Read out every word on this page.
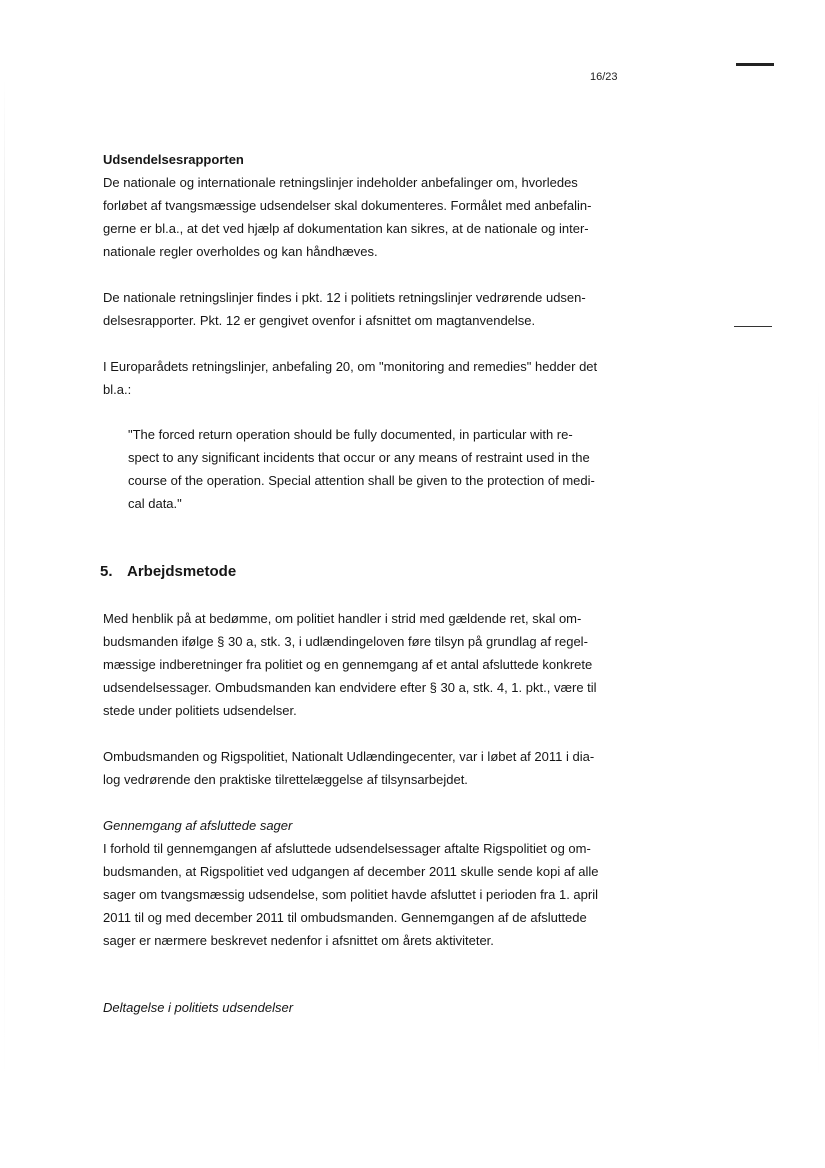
16/23

Udsendelsesrapporten

De nationale og internationale retningslinjer indeholder anbefalinger om, hvorledes

forløbet af tvangsmæssige udsendelser skal dokumenteres. Formålet med anbefalin-

gerne er bl.a., at det ved hjælp af dokumentation kan sikres, at de nationale og inter-

nationale regler overholdes og kan håndhæves.

De nationale retningslinjer findes i pkt. 12 i politiets retningslinjer vedrørende udsen-

delsesrapporter. Pkt. 12 er gengivet ovenfor i afsnittet om magtanvendelse.

I Europarådets retningslinjer, anbefaling 20, om "monitoring and remedies" hedder det

bl.a.:

"The forced return operation should be fully documented, in particular with re-

spect to any significant incidents that occur or any means of restraint used in the

course of the operation. Special attention shall be given to the protection of medi-

cal data."

5. Arbejdsmetode

Med henblik på at bedømme, om politiet handler i strid med gældende ret, skal om-

budsmanden ifølge § 30 a, stk. 3, i udlændingeloven føre tilsyn på grundlag af regel-

mæssige indberetninger fra politiet og en gennemgang af et antal afsluttede konkrete

udsendelsessager. Ombudsmanden kan endvidere efter § 30 a, stk. 4, 1. pkt., være til

stede under politiets udsendelser.

Ombudsmanden og Rigspolitiet, Nationalt Udlændingecenter, var i løbet af 2011 i dia-

log vedrørende den praktiske tilrettelæggelse af tilsynsarbejdet.

Gennemgang af afsluttede sager

I forhold til gennemgangen af afsluttede udsendelsessager aftalte Rigspolitiet og om-

budsmanden, at Rigspolitiet ved udgangen af december 2011 skulle sende kopi af alle

sager om tvangsmæssig udsendelse, som politiet havde afsluttet i perioden fra 1. april

2011 til og med december 2011 til ombudsmanden. Gennemgangen af de afsluttede

sager er nærmere beskrevet nedenfor i afsnittet om årets aktiviteter.

Deltagelse i politiets udsendelser
